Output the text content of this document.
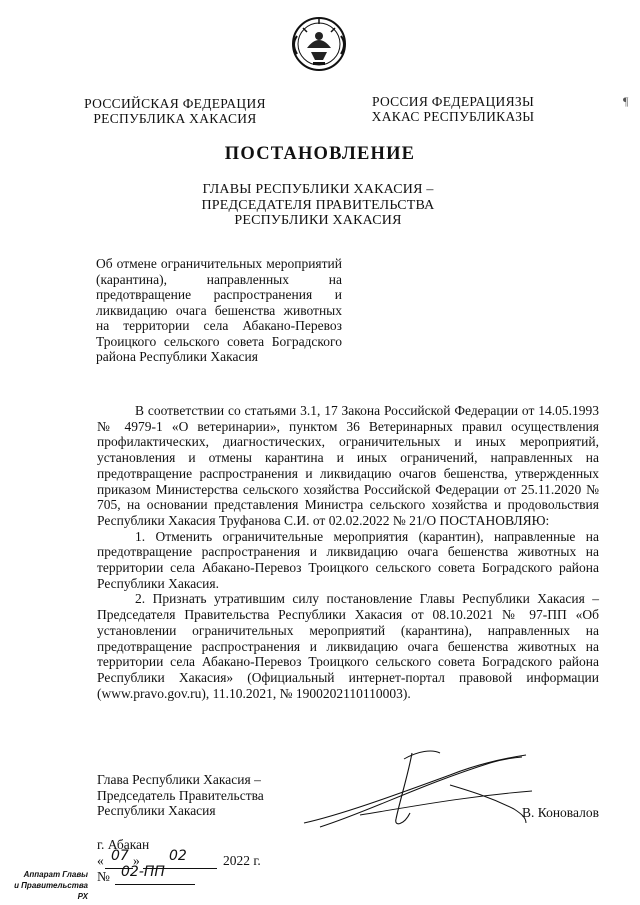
РОССИЙСКАЯ ФЕДЕРАЦИЯ
РЕСПУБЛИКА ХАКАСИЯ
РОССИЯ ФЕДЕРАЦИЯЗЫ
ХАКАС РЕСПУБЛИКАЗЫ
¶
ПОСТАНОВЛЕНИЕ
ГЛАВЫ РЕСПУБЛИКИ ХАКАСИЯ –
ПРЕДСЕДАТЕЛЯ ПРАВИТЕЛЬСТВА
РЕСПУБЛИКИ ХАКАСИЯ
Об отмене ограничительных мероприятий (карантина), направленных на предотвращение распространения и ликвидацию очага бешенства животных на территории села Абакано-Перевоз Троицкого сельского совета Боградского района Республики Хакасия

В соответствии со статьями 3.1, 17 Закона Российской Федерации от 14.05.1993 № 4979-1 «О ветеринарии», пунктом 36 Ветеринарных правил осуществления профилактических, диагностических, ограничительных и иных мероприятий, установления и отмены карантина и иных ограничений, направленных на предотвращение распространения и ликвидацию очагов бешенства, утвержденных приказом Министерства сельского хозяйства Российской Федерации от 25.11.2020 № 705, на основании представления Министра сельского хозяйства и продовольствия Республики Хакасия Труфанова С.И. от 02.02.2022 № 21/О ПОСТАНОВЛЯЮ:

1. Отменить ограничительные мероприятия (карантин), направленные на предотвращение распространения и ликвидацию очага бешенства животных на территории села Абакано-Перевоз Троицкого сельского совета Боградского района Республики Хакасия.

2. Признать утратившим силу постановление Главы Республики Хакасия – Председателя Правительства Республики Хакасия от 08.10.2021 № 97-ПП «Об установлении ограничительных мероприятий (карантина), направленных на предотвращение распространения и ликвидацию очага бешенства животных на территории села Абакано-Перевоз Троицкого сельского совета Боградского района Республики Хакасия» (Официальный интернет-портал правовой информации (www.pravo.gov.ru), 11.10.2021, № 1900202110110003).

Глава Республики Хакасия –
Председатель Правительства
Республики Хакасия	В. Коновалов
г. Абакан
« 07 » 02	2022 г.
№ 02-ПП
Аппарат Главы
и Правительства РХ
